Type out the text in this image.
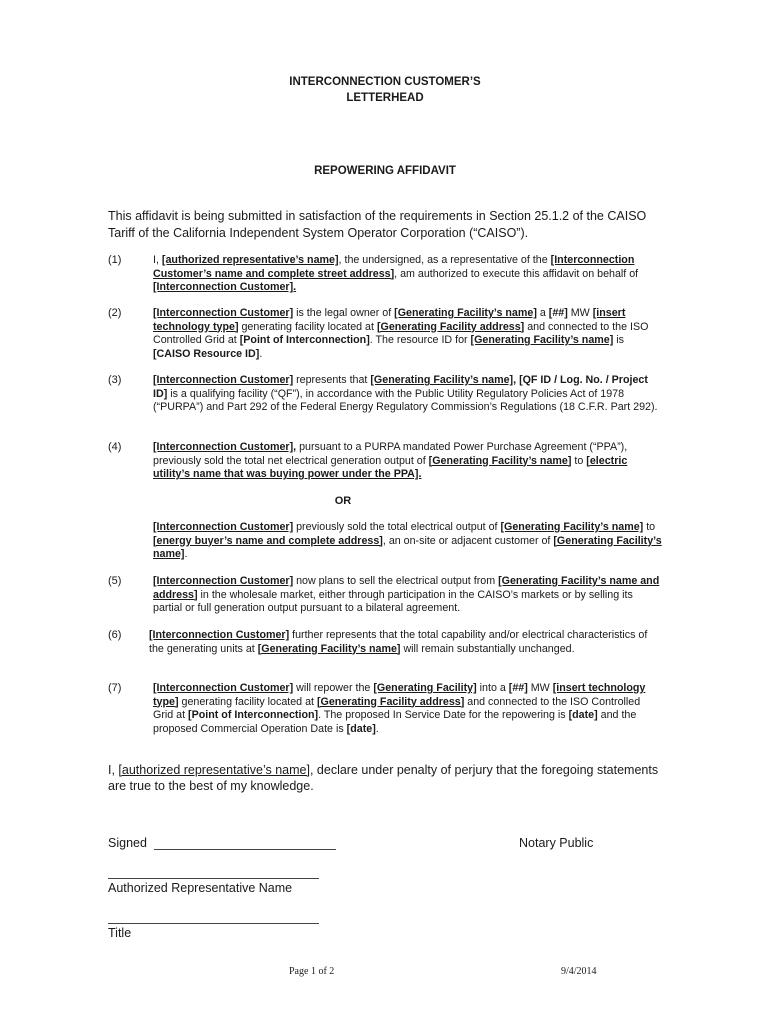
INTERCONNECTION CUSTOMER’S
LETTERHEAD
REPOWERING AFFIDAVIT
This affidavit is being submitted in satisfaction of the requirements in Section 25.1.2 of the CAISO Tariff of the California Independent System Operator Corporation (“CAISO”).
(1)	I, [authorized representative’s name], the undersigned, as a representative of the [Interconnection Customer’s name and complete street address], am authorized to execute this affidavit on behalf of [Interconnection Customer].
(2)	[Interconnection Customer] is the legal owner of [Generating Facility’s name] a [##] MW [insert technology type] generating facility located at [Generating Facility address] and connected to the ISO Controlled Grid at [Point of Interconnection]. The resource ID for [Generating Facility’s name] is [CAISO Resource ID].
(3)	[Interconnection Customer] represents that [Generating Facility’s name], [QF ID / Log. No. / Project ID] is a qualifying facility (“QF”), in accordance with the Public Utility Regulatory Policies Act of 1978 (“PURPA”) and Part 292 of the Federal Energy Regulatory Commission’s Regulations (18 C.F.R. Part 292).
(4)	[Interconnection Customer], pursuant to a PURPA mandated Power Purchase Agreement (“PPA”), previously sold the total net electrical generation output of [Generating Facility’s name] to [electric utility’s name that was buying power under the PPA].
OR
[Interconnection Customer] previously sold the total electrical output of [Generating Facility’s name] to [energy buyer’s name and complete address], an on-site or adjacent customer of [Generating Facility’s name].
(5)	[Interconnection Customer] now plans to sell the electrical output from [Generating Facility’s name and address] in the wholesale market, either through participation in the CAISO’s markets or by selling its partial or full generation output pursuant to a bilateral agreement.
(6)	[Interconnection Customer] further represents that the total capability and/or electrical characteristics of the generating units at [Generating Facility’s name] will remain substantially unchanged.
(7)	[Interconnection Customer] will repower the [Generating Facility] into a [##] MW [insert technology type] generating facility located at [Generating Facility address] and connected to the ISO Controlled Grid at [Point of Interconnection]. The proposed In Service Date for the repowering is [date] and the proposed Commercial Operation Date is [date].
I, [authorized representative’s name], declare under penalty of perjury that the foregoing statements are true to the best of my knowledge.
Signed	Notary Public
Authorized Representative Name
Title
Page 1 of 2	9/4/2014
